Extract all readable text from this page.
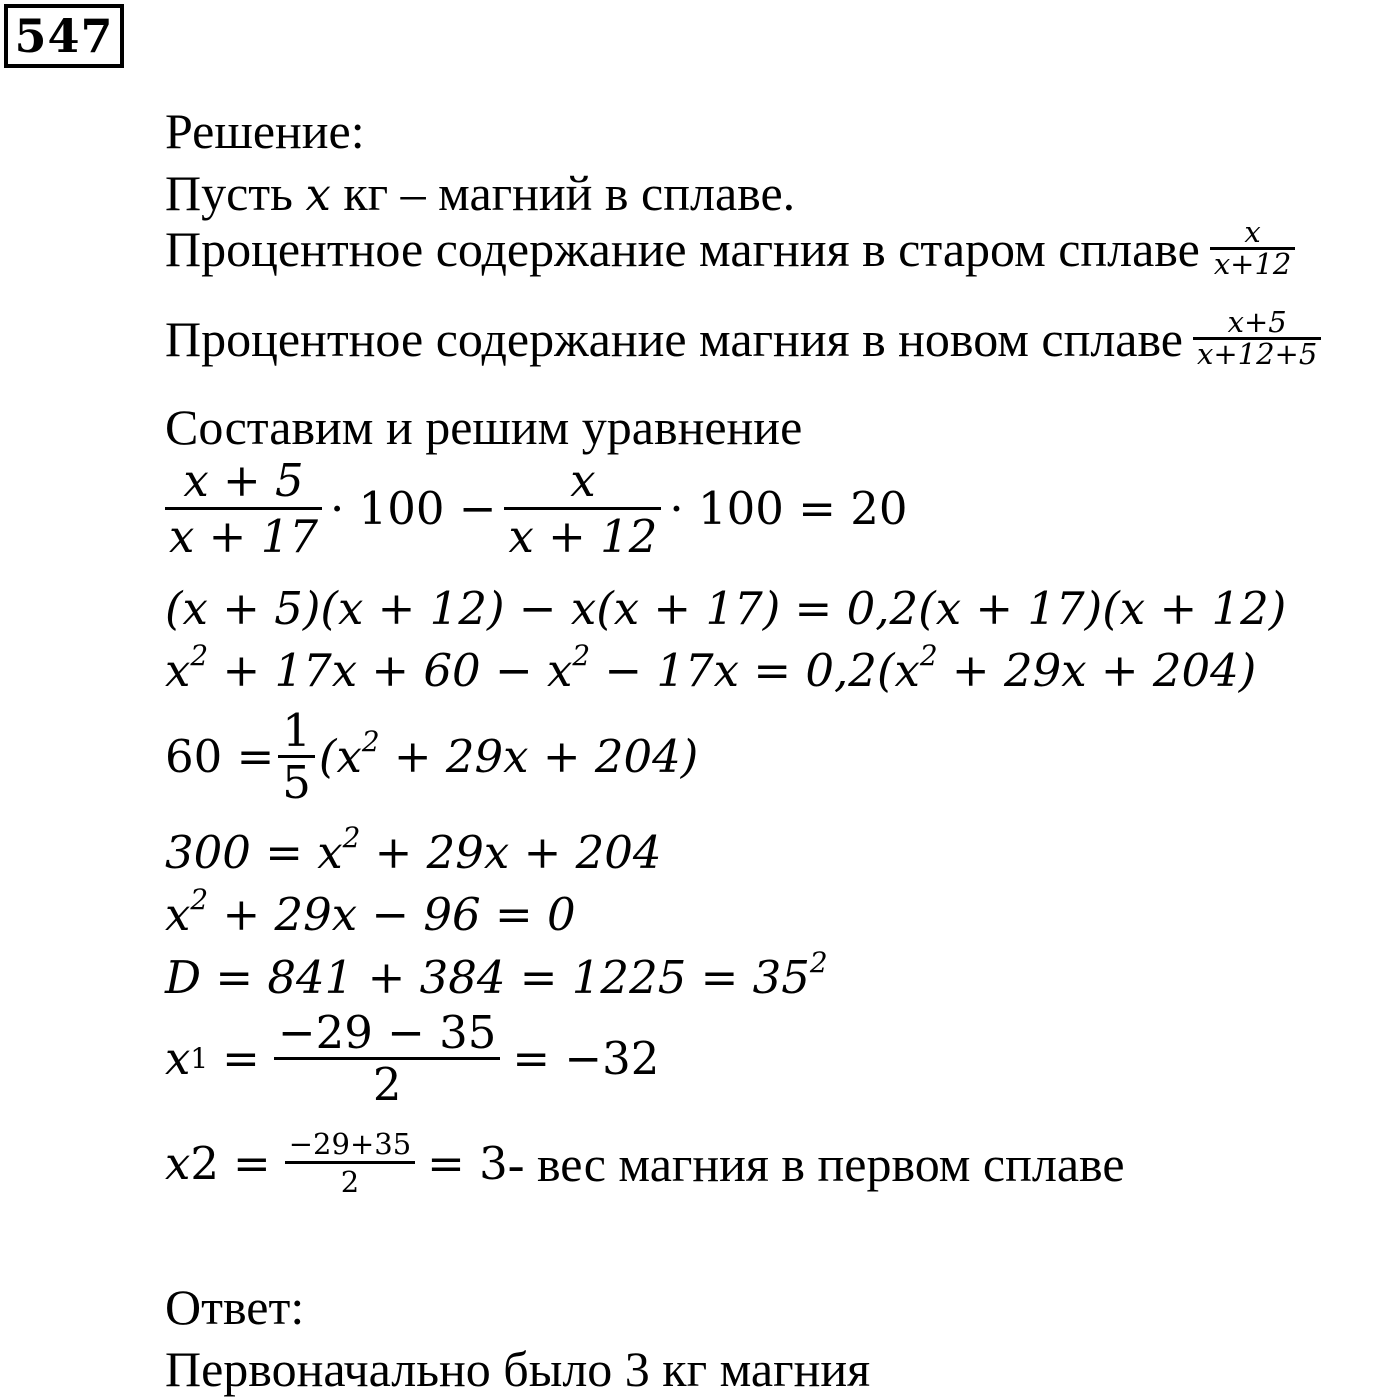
547
Решение:
Пусть x кг – магний в сплаве.
Процентное содержание магния в старом сплаве $\frac{x}{x+12}$
Процентное содержание магния в новом сплаве $\frac{x+5}{x+12+5}$
Составим и решим уравнение
$\frac{x + 5}{x + 17} \cdot 100 - \frac{x}{x + 12} \cdot 100 = 20$
(x + 5)(x + 12) − x(x + 17) = 0,2(x + 17)(x + 12)
$x^2 + 17x + 60 - x^2 - 17x = 0,2(x^2 + 29x + 204)$
$60 = \frac{1}{5} (x^2 + 29x + 204)$
$300 = x^2 + 29x + 204$
$x^2 + 29x - 96 = 0$
$D = 841 + 384 = 1225 = 35^2$
x $1 = \frac{-29 - 35}{2} = -32$
x $2 = \frac{-29+35}{2} = 3$ - вес магния в первом сплаве
Ответ:
Первоначально было 3 кг магния
